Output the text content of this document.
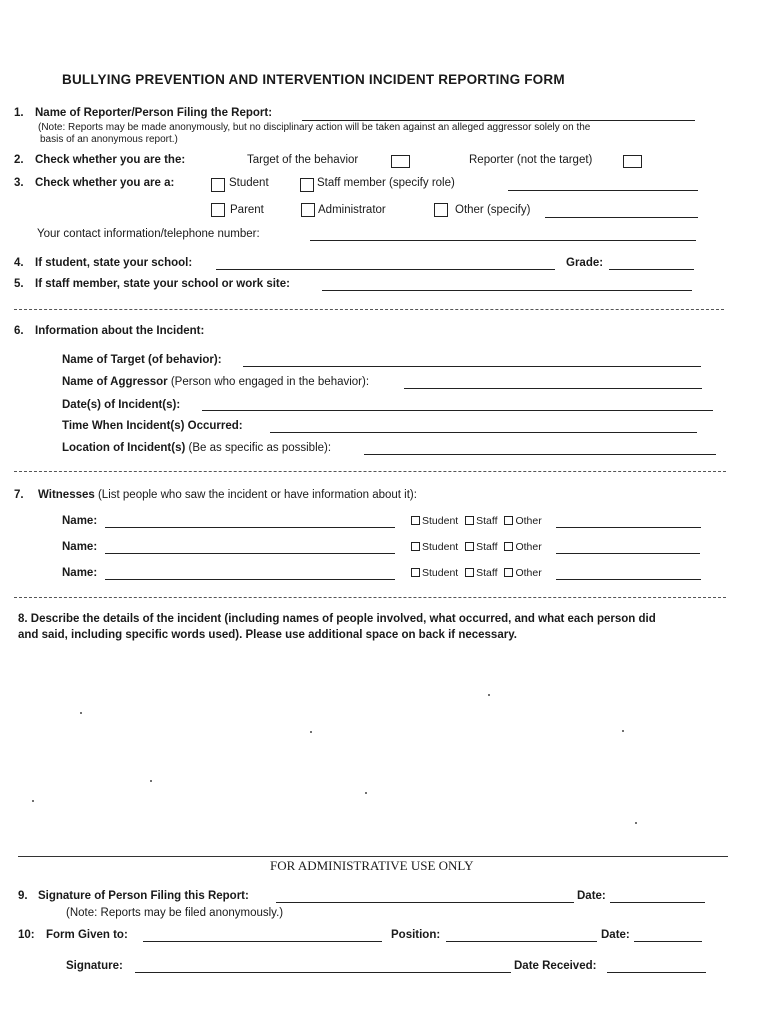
BULLYING PREVENTION AND INTERVENTION INCIDENT REPORTING FORM
1. Name of Reporter/Person Filing the Report:
(Note: Reports may be made anonymously, but no disciplinary action will be taken against an alleged aggressor solely on the
basis of an anonymous report.)
2. Check whether you are the:	Target of the behavior	Reporter (not the target)
3. Check whether you are a:	Student	Staff member (specify role)
Parent	Administrator	Other (specify)
Your contact information/telephone number:
4. If student, state your school:	Grade:
5. If staff member, state your school or work site:
6. Information about the Incident:
Name of Target (of behavior):
Name of Aggressor (Person who engaged in the behavior):
Date(s) of Incident(s):
Time When Incident(s) Occurred:
Location of Incident(s) (Be as specific as possible):
7. Witnesses (List people who saw the incident or have information about it):
Name:	Student Staff Other
Name:	Student Staff Other
Name:	Student Staff Other
8. Describe the details of the incident (including names of people involved, what occurred, and what each person did
and said, including specific words used). Please use additional space on back if necessary.
FOR ADMINISTRATIVE USE ONLY
9. Signature of Person Filing this Report:	Date:
(Note: Reports may be filed anonymously.)
10: Form Given to:	Position:	Date:
Signature:	Date Received:
